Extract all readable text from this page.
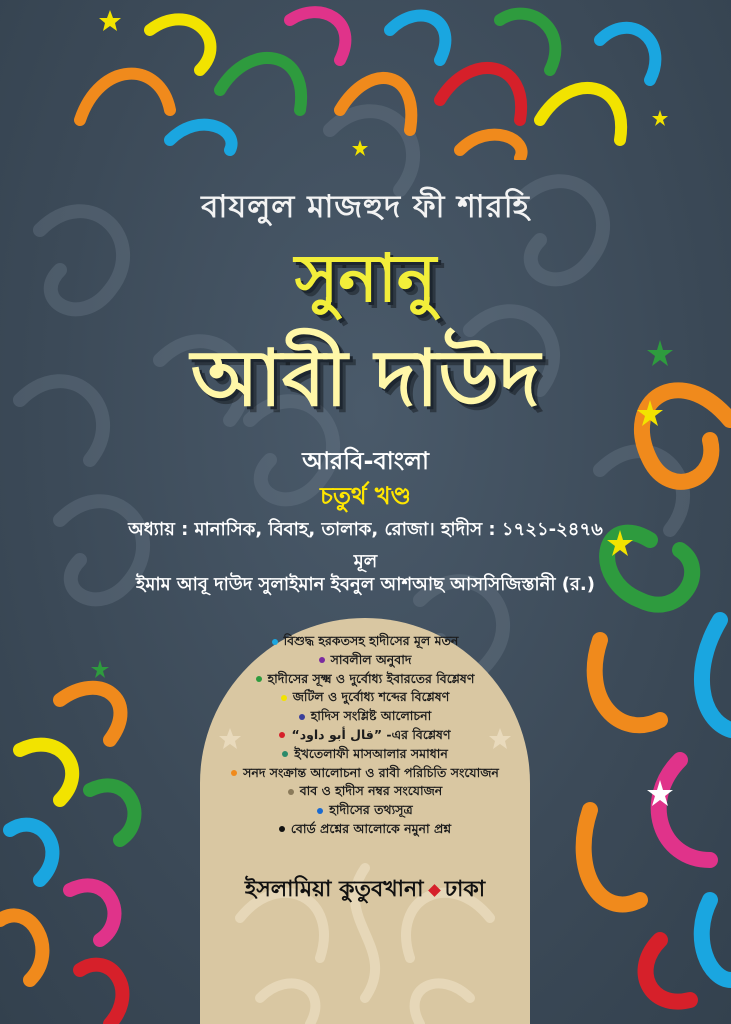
বাযলুল মাজহুদ ফী শারহি
সুনানু
আবী দাউদ
আরবি-বাংলা
চতুর্থ খণ্ড
অধ্যায় : মানাসিক, বিবাহ, তালাক, রোজা। হাদীস : ১৭২১-২৪৭৬
মূল
ইমাম আবূ দাউদ সুলাইমান ইবনুল আশআছ আসসিজিস্তানী (র.)
বিশুদ্ধ হরকতসহ হাদীসের মূল মতন
সাবলীল অনুবাদ
হাদীসের সূক্ষ্ম ও দুর্বোধ্য ইবারতের বিশ্লেষণ
জটিল ও দুর্বোধ্য শব্দের বিশ্লেষণ
হাদিস সংশ্লিষ্ট আলোচনা
“قال أبو داود” -এর বিশ্লেষণ
ইখতেলাফী মাসআলার সমাধান
সনদ সংক্রান্ত আলোচনা ও রাবী পরিচিতি সংযোজন
বাব ও হাদীস নম্বর সংযোজন
হাদীসের তথ্যসূত্র
বোর্ড প্রশ্নের আলোকে নমুনা প্রশ্ন
ইসলামিয়া কুতুবখানা ঢাকা
